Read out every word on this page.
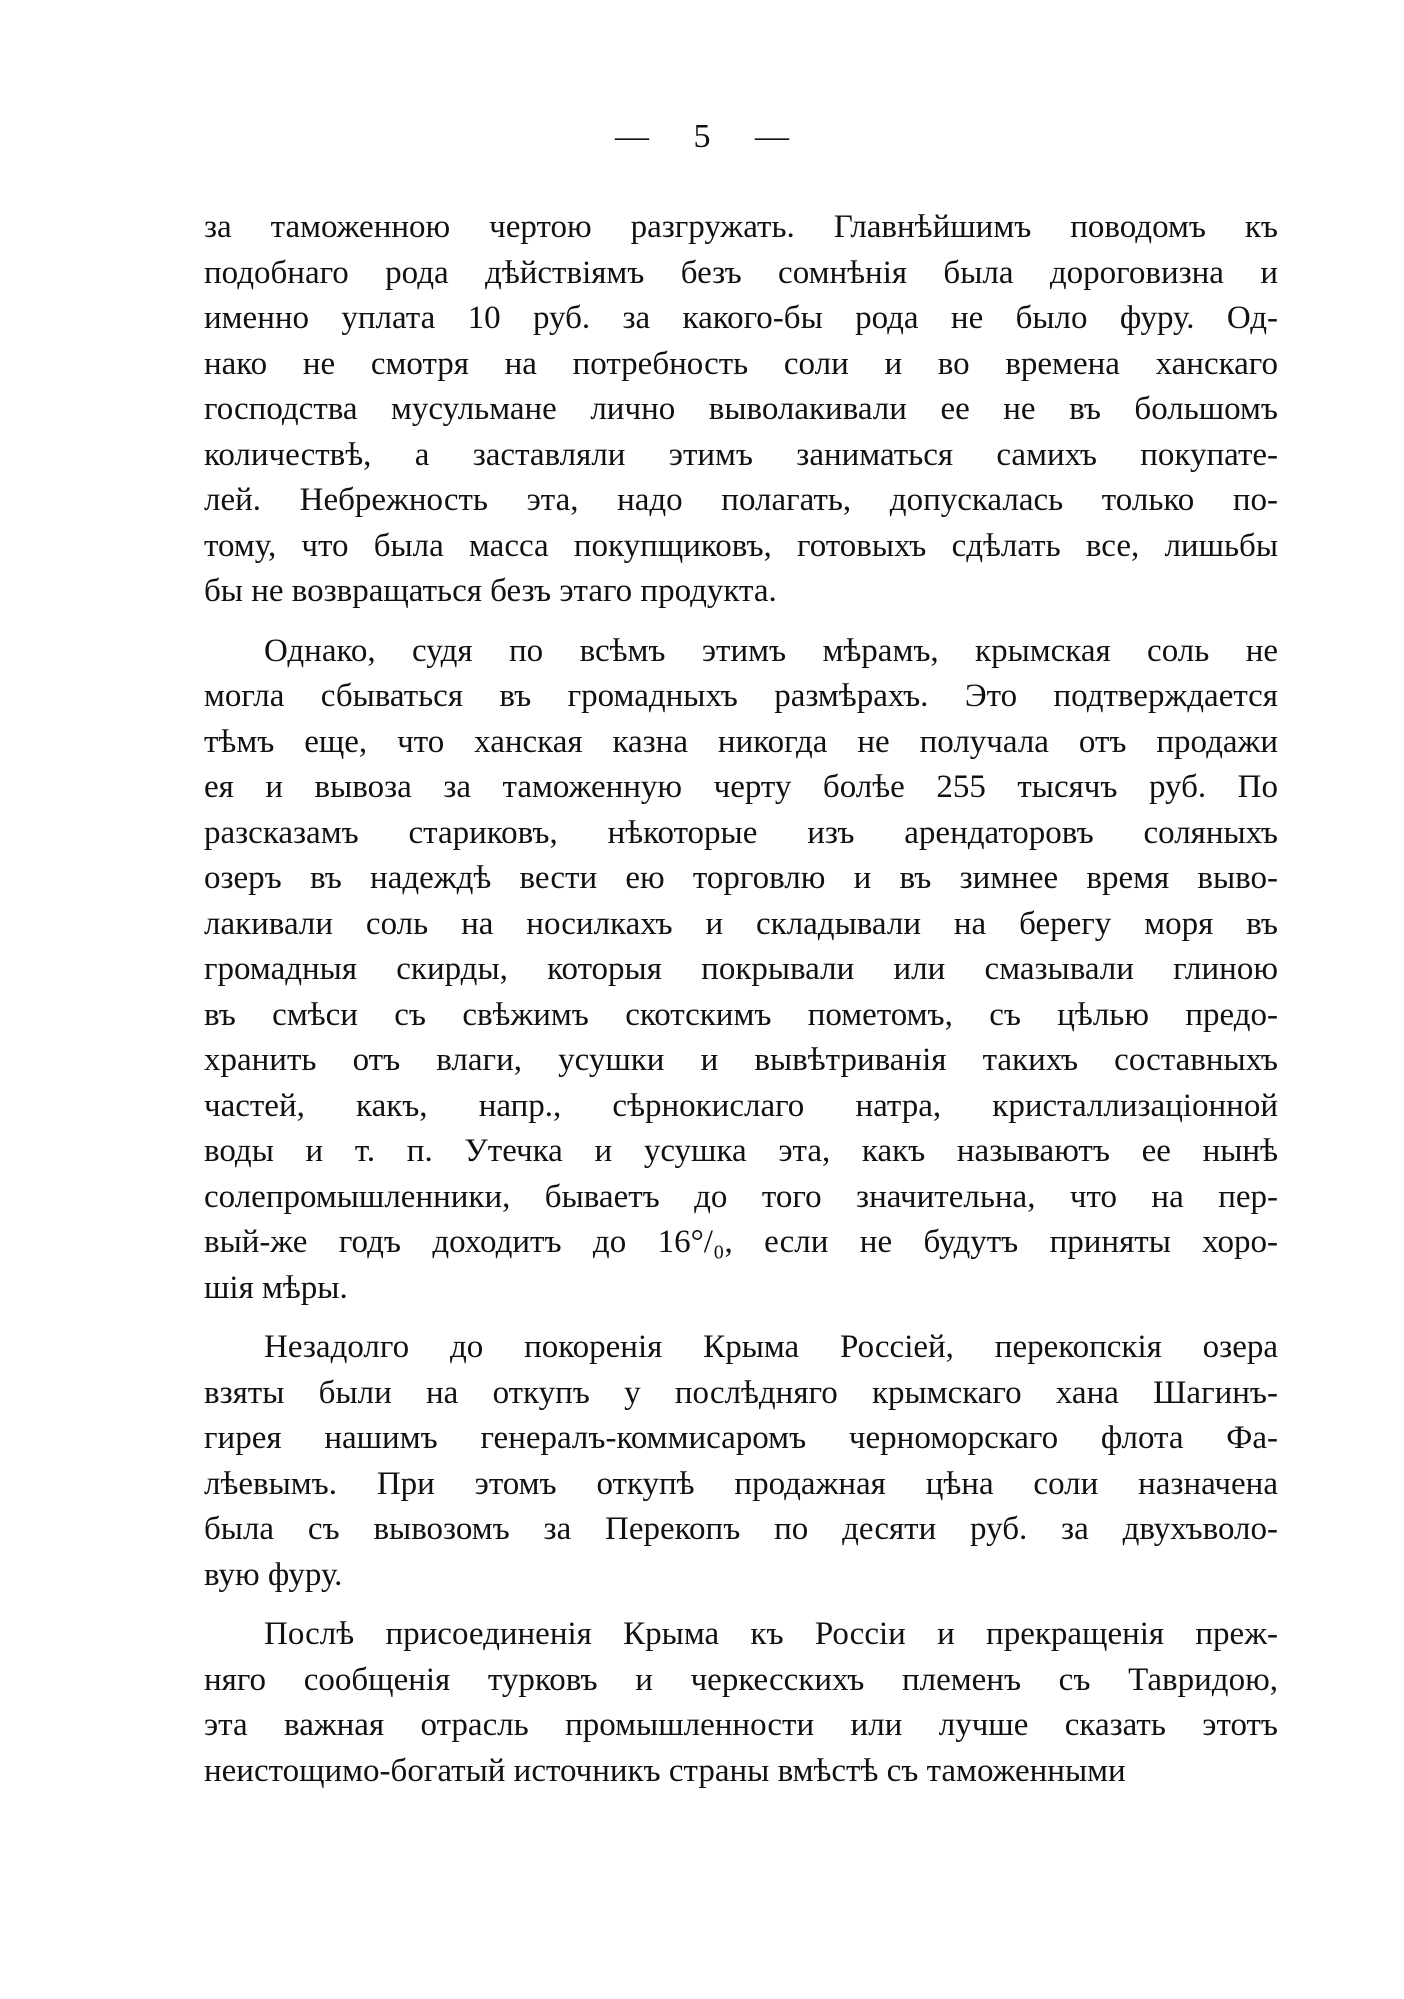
— 5 —
за таможенною чертою разгружать. Главнѣйшимъ поводомъ къ
подобнаго рода дѣйствіямъ безъ сомнѣнія была дороговизна и
именно уплата 10 руб. за какого-бы рода не было фуру. Од-
нако не смотря на потребность соли и во времена ханскаго
господства мусульмане лично выволакивали ее не въ большомъ
количествѣ, а заставляли этимъ заниматься самихъ покупате-
лей. Небрежность эта, надо полагать, допускалась только по-
тому, что была масса покупщиковъ, готовыхъ сдѣлать все, лишьбы
бы не возвращаться безъ этаго продукта.
Однако, судя по всѣмъ этимъ мѣрамъ, крымская соль не
могла сбываться въ громадныхъ размѣрахъ. Это подтверждается
тѣмъ еще, что ханская казна никогда не получала отъ продажи
ея и вывоза за таможенную черту болѣе 255 тысячъ руб. По
разсказамъ стариковъ, нѣкоторые изъ арендаторовъ соляныхъ
озеръ въ надеждѣ вести ею торговлю и въ зимнее время выво-
лакивали соль на носилкахъ и складывали на берегу моря въ
громадныя скирды, которыя покрывали или смазывали глиною
въ смѣси съ свѣжимъ скотскимъ пометомъ, съ цѣлью предо-
хранить отъ влаги, усушки и вывѣтриванія такихъ составныхъ
частей, какъ, напр., сѣрнокислаго натра, кристаллизаціонной
воды и т. п. Утечка и усушка эта, какъ называютъ ее нынѣ
солепромышленники, бываетъ до того значительна, что на пер-
вый-же годъ доходитъ до 16°/₀, если не будутъ приняты хоро-
шія мѣры.
Незадолго до покоренія Крыма Россіей, перекопскія озера
взяты были на откупъ у послѣдняго крымскаго хана Шагинъ-
гирея нашимъ генералъ-коммисаромъ черноморскаго флота Фа-
лѣевымъ. При этомъ откупѣ продажная цѣна соли назначена
была съ вывозомъ за Перекопъ по десяти руб. за двухъволо-
вую фуру.
Послѣ присоединенія Крыма къ Россіи и прекращенія преж-
няго сообщенія турковъ и черкесскихъ племенъ съ Тавридою,
эта важная отрасль промышленности или лучше сказать этотъ
неистощимо-богатый источникъ страны вмѣстѣ съ таможенными
